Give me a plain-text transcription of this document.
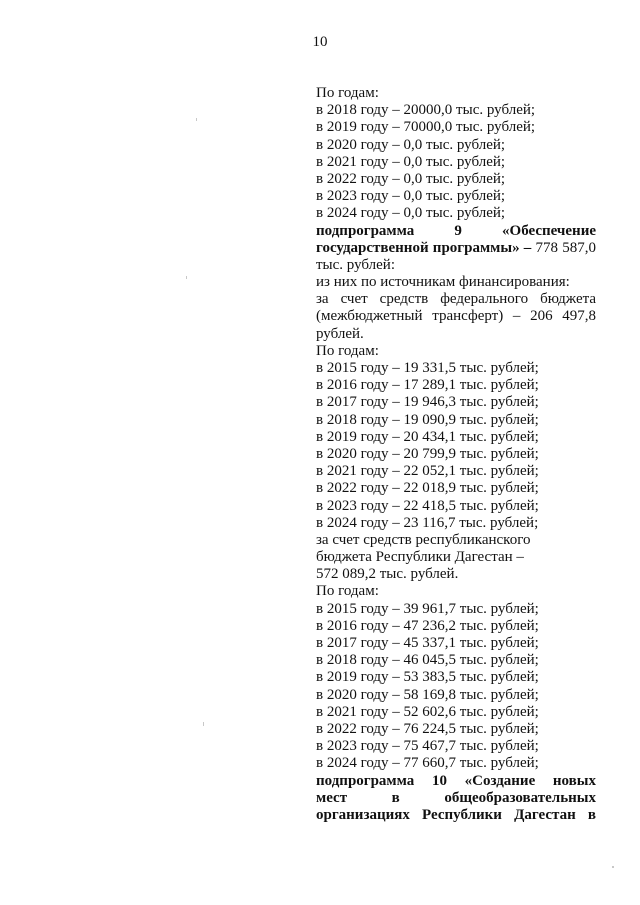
10
По годам:
в 2018 году – 20000,0 тыс. рублей;
в 2019 году – 70000,0 тыс. рублей;
в 2020 году – 0,0 тыс. рублей;
в 2021 году – 0,0 тыс. рублей;
в 2022 году – 0,0 тыс. рублей;
в 2023 году – 0,0 тыс. рублей;
в 2024 году – 0,0 тыс. рублей;
подпрограмма 9 «Обеспечение
государственной программы» – 778 587,0
тыс. рублей:
из них по источникам финансирования:
за счет средств федерального бюджета
(межбюджетный трансферт) – 206 497,8
рублей.
По годам:
в 2015 году – 19 331,5 тыс. рублей;
в 2016 году – 17 289,1 тыс. рублей;
в 2017 году – 19 946,3 тыс. рублей;
в 2018 году – 19 090,9 тыс. рублей;
в 2019 году – 20 434,1 тыс. рублей;
в 2020 году – 20 799,9 тыс. рублей;
в 2021 году – 22 052,1 тыс. рублей;
в 2022 году – 22 018,9 тыс. рублей;
в 2023 году – 22 418,5 тыс. рублей;
в 2024 году – 23 116,7 тыс. рублей;
за счет средств республиканского
бюджета Республики Дагестан –
572 089,2 тыс. рублей.
По годам:
в 2015 году – 39 961,7 тыс. рублей;
в 2016 году – 47 236,2 тыс. рублей;
в 2017 году – 45 337,1 тыс. рублей;
в 2018 году – 46 045,5 тыс. рублей;
в 2019 году – 53 383,5 тыс. рублей;
в 2020 году – 58 169,8 тыс. рублей;
в 2021 году – 52 602,6 тыс. рублей;
в 2022 году – 76 224,5 тыс. рублей;
в 2023 году – 75 467,7 тыс. рублей;
в 2024 году – 77 660,7 тыс. рублей;
подпрограмма 10 «Создание новых
мест в общеобразовательных
организациях Республики Дагестан в
